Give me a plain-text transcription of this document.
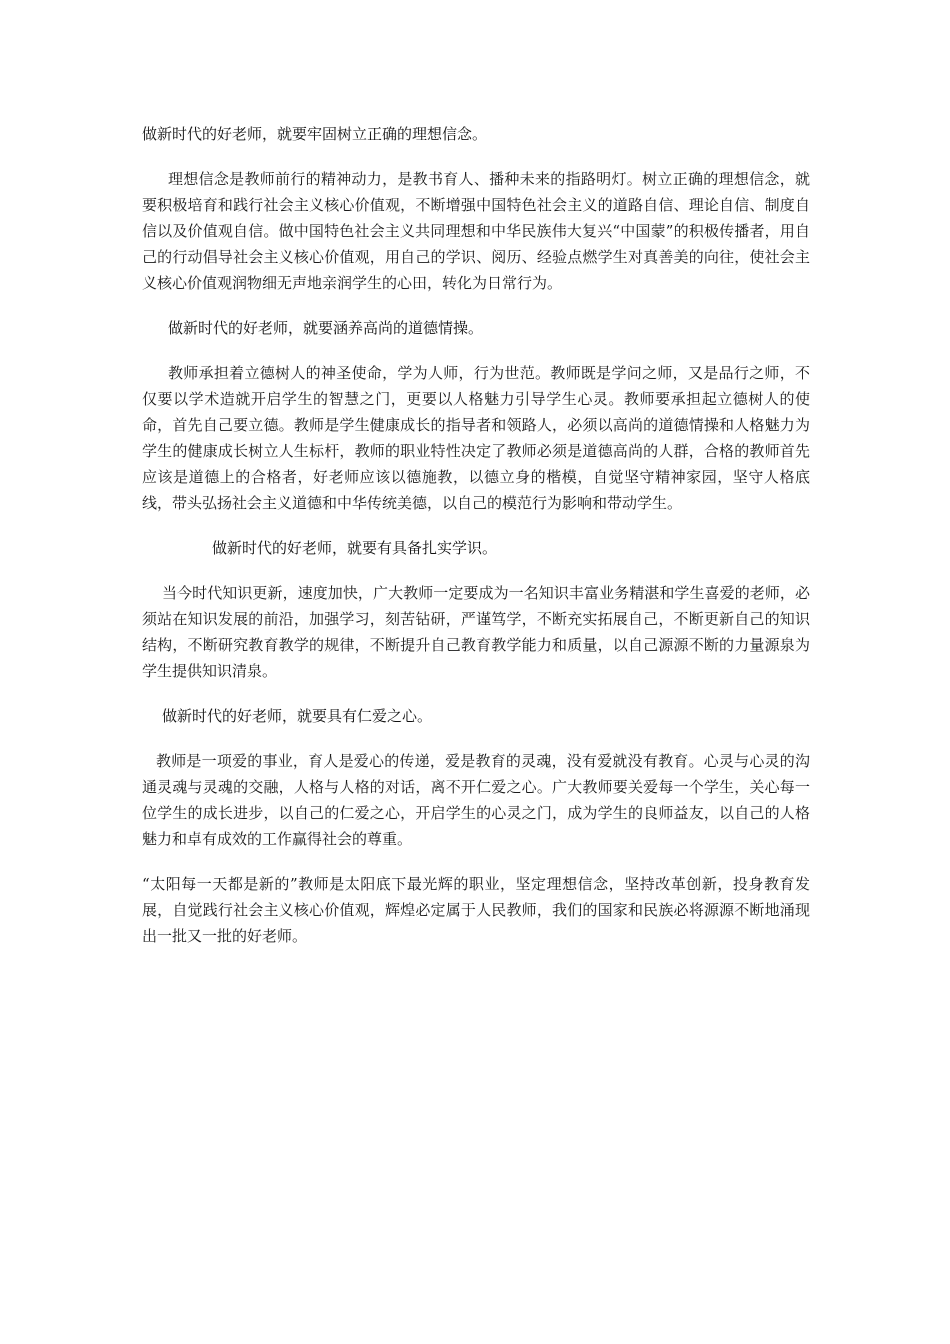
做新时代的好老师，就要牢固树立正确的理想信念。

理想信念是教师前行的精神动力，是教书育人、播种未来的指路明灯。树立正确的理想信念，就要积极培育和践行社会主义核心价值观，不断增强中国特色社会主义的道路自信、理论自信、制度自信以及价值观自信。做中国特色社会主义共同理想和中华民族伟大复兴“中国蒙”的积极传播者，用自己的行动倡导社会主义核心价值观，用自己的学识、阅历、经验点燃学生对真善美的向往，使社会主义核心价值观润物细无声地亲润学生的心田，转化为日常行为。

做新时代的好老师，就要涵养高尚的道德情操。

教师承担着立德树人的神圣使命，学为人师，行为世范。教师既是学问之师，又是品行之师，不仅要以学术造就开启学生的智慧之门，更要以人格魅力引导学生心灵。教师要承担起立德树人的使命，首先自己要立德。教师是学生健康成长的指导者和领路人，必须以高尚的道德情操和人格魅力为学生的健康成长树立人生标杆，教师的职业特性决定了教师必须是道德高尚的人群，合格的教师首先应该是道德上的合格者，好老师应该以德施教，以德立身的楷模，自觉坚守精神家园，坚守人格底线，带头弘扬社会主义道德和中华传统美德，以自己的模范行为影响和带动学生。

做新时代的好老师，就要有具备扎实学识。

当今时代知识更新，速度加快，广大教师一定要成为一名知识丰富业务精湛和学生喜爱的老师，必须站在知识发展的前沿，加强学习，刻苦钻研，严谨笃学，不断充实拓展自己，不断更新自己的知识结构，不断研究教育教学的规律，不断提升自己教育教学能力和质量，以自己源源不断的力量源泉为学生提供知识清泉。

做新时代的好老师，就要具有仁爱之心。

教师是一项爱的事业，育人是爱心的传递，爱是教育的灵魂，没有爱就没有教育。心灵与心灵的沟通灵魂与灵魂的交融，人格与人格的对话，离不开仁爱之心。广大教师要关爱每一个学生，关心每一位学生的成长进步，以自己的仁爱之心，开启学生的心灵之门，成为学生的良师益友，以自己的人格魅力和卓有成效的工作赢得社会的尊重。

“太阳每一天都是新的”教师是太阳底下最光辉的职业，坚定理想信念，坚持改革创新，投身教育发展，自觉践行社会主义核心价值观，辉煌必定属于人民教师，我们的国家和民族必将源源不断地涌现出一批又一批的好老师。
